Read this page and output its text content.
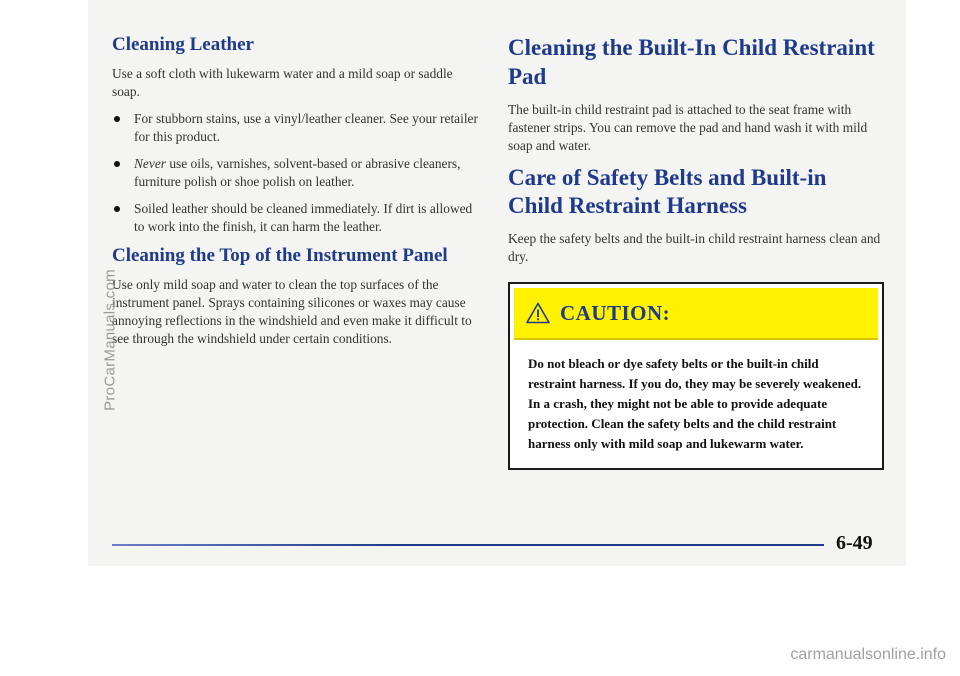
Cleaning Leather

Use a soft cloth with lukewarm water and a mild soap or saddle soap.

For stubborn stains, use a vinyl/leather cleaner. See your retailer for this product.
Never use oils, varnishes, solvent-based or abrasive cleaners, furniture polish or shoe polish on leather.
Soiled leather should be cleaned immediately. If dirt is allowed to work into the finish, it can harm the leather.
Cleaning the Top of the Instrument Panel

Use only mild soap and water to clean the top surfaces of the instrument panel. Sprays containing silicones or waxes may cause annoying reflections in the windshield and even make it difficult to see through the windshield under certain conditions.

Cleaning the Built-In Child Restraint Pad

The built-in child restraint pad is attached to the seat frame with fastener strips. You can remove the pad and hand wash it with mild soap and water.

Care of Safety Belts and Built-in Child Restraint Harness

Keep the safety belts and the built-in child restraint harness clean and dry.

CAUTION:
Do not bleach or dye safety belts or the built-in child restraint harness. If you do, they may be severely weakened. In a crash, they might not be able to provide adequate protection. Clean the safety belts and the child restraint harness only with mild soap and lukewarm water.
6-49
ProCarManuals.com
carmanualsonline.info
